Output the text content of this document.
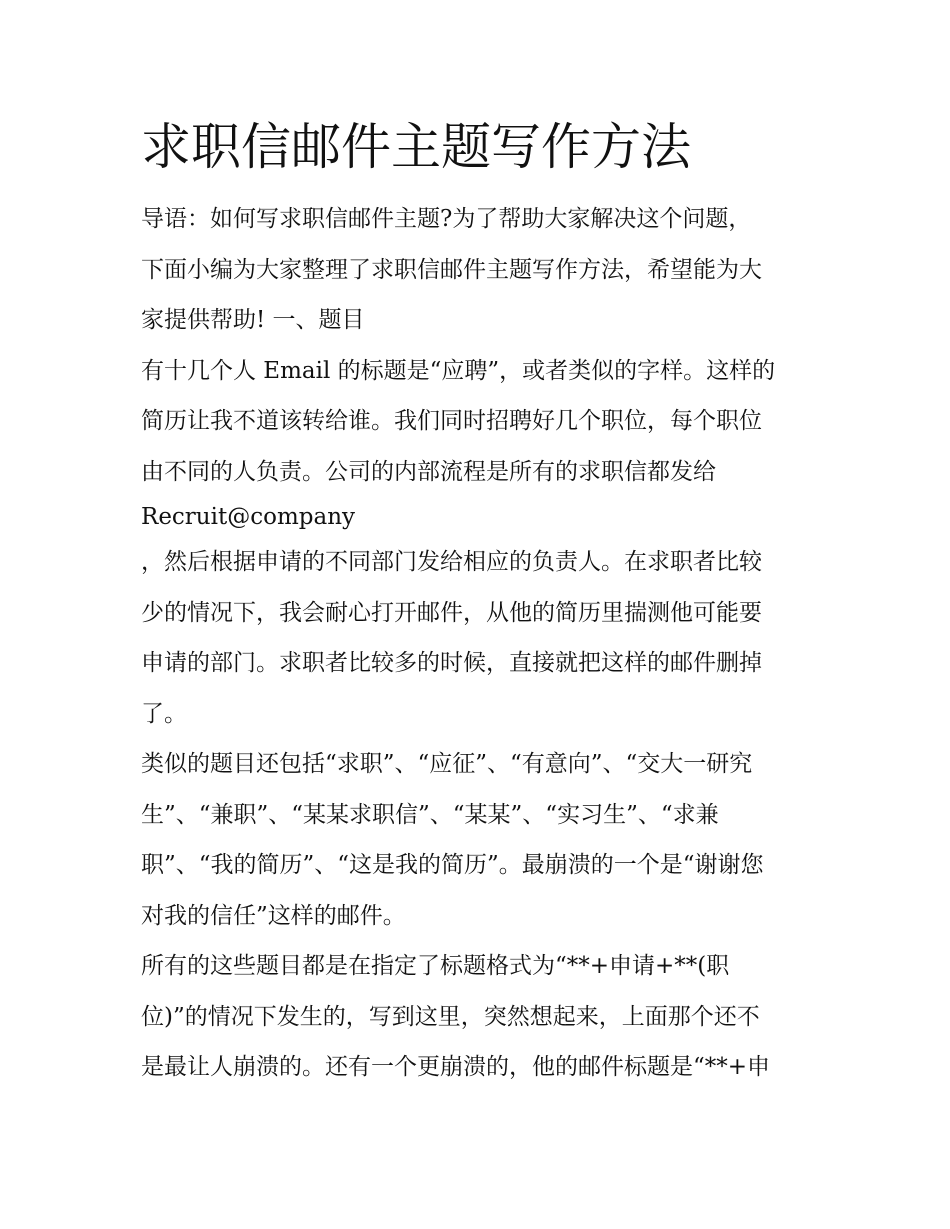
求职信邮件主题写作方法

导语：如何写求职信邮件主题?为了帮助大家解决这个问题，
下面小编为大家整理了求职信邮件主题写作方法，希望能为大
家提供帮助! 一、题目

有十几个人 Email 的标题是“应聘”，或者类似的字样。这样的
简历让我不道该转给谁。我们同时招聘好几个职位，每个职位
由不同的人负责。公司的内部流程是所有的求职信都发给
Recruit@company
，然后根据申请的不同部门发给相应的负责人。在求职者比较
少的情况下，我会耐心打开邮件，从他的简历里揣测他可能要
申请的部门。求职者比较多的时候，直接就把这样的邮件删掉
了。

类似的题目还包括“求职”、“应征”、“有意向”、“交大一研究
生”、“兼职”、“某某求职信”、“某某”、“实习生”、“求兼
职”、“我的简历”、“这是我的简历”。最崩溃的一个是“谢谢您
对我的信任”这样的邮件。

所有的这些题目都是在指定了标题格式为“**+申请+**(职
位)”的情况下发生的，写到这里，突然想起来，上面那个还不
是最让人崩溃的。还有一个更崩溃的，他的邮件标题是“**+申
